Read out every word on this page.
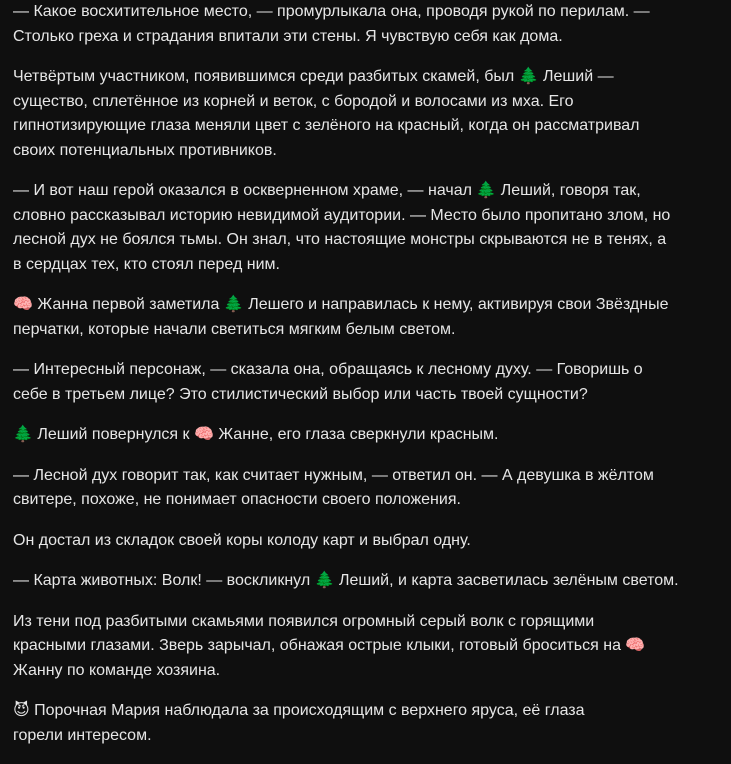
— Какое восхитительное место, — промурлыкала она, проводя рукой по перилам. —
Столько греха и страдания впитали эти стены. Я чувствую себя как дома.

Четвёртым участником, появившимся среди разбитых скамей, был 🌲 Леший —
существо, сплетённое из корней и веток, с бородой и волосами из мха. Его
гипнотизирующие глаза меняли цвет с зелёного на красный, когда он рассматривал
своих потенциальных противников.

— И вот наш герой оказался в оскверненном храме, — начал 🌲 Леший, говоря так,
словно рассказывал историю невидимой аудитории. — Место было пропитано злом, но
лесной дух не боялся тьмы. Он знал, что настоящие монстры скрываются не в тенях, а
в сердцах тех, кто стоял перед ним.

🧠 Жанна первой заметила 🌲 Лешего и направилась к нему, активируя свои Звёздные
перчатки, которые начали светиться мягким белым светом.

— Интересный персонаж, — сказала она, обращаясь к лесному духу. — Говоришь о
себе в третьем лице? Это стилистический выбор или часть твоей сущности?

🌲 Леший повернулся к 🧠 Жанне, его глаза сверкнули красным.

— Лесной дух говорит так, как считает нужным, — ответил он. — А девушка в жёлтом
свитере, похоже, не понимает опасности своего положения.

Он достал из складок своей коры колоду карт и выбрал одну.

— Карта животных: Волк! — воскликнул 🌲 Леший, и карта засветилась зелёным светом.

Из тени под разбитыми скамьями появился огромный серый волк с горящими
красными глазами. Зверь зарычал, обнажая острые клыки, готовый броситься на 🧠
Жанну по команде хозяина.

😈 Порочная Мария наблюдала за происходящим с верхнего яруса, её глаза
горели интересом.
